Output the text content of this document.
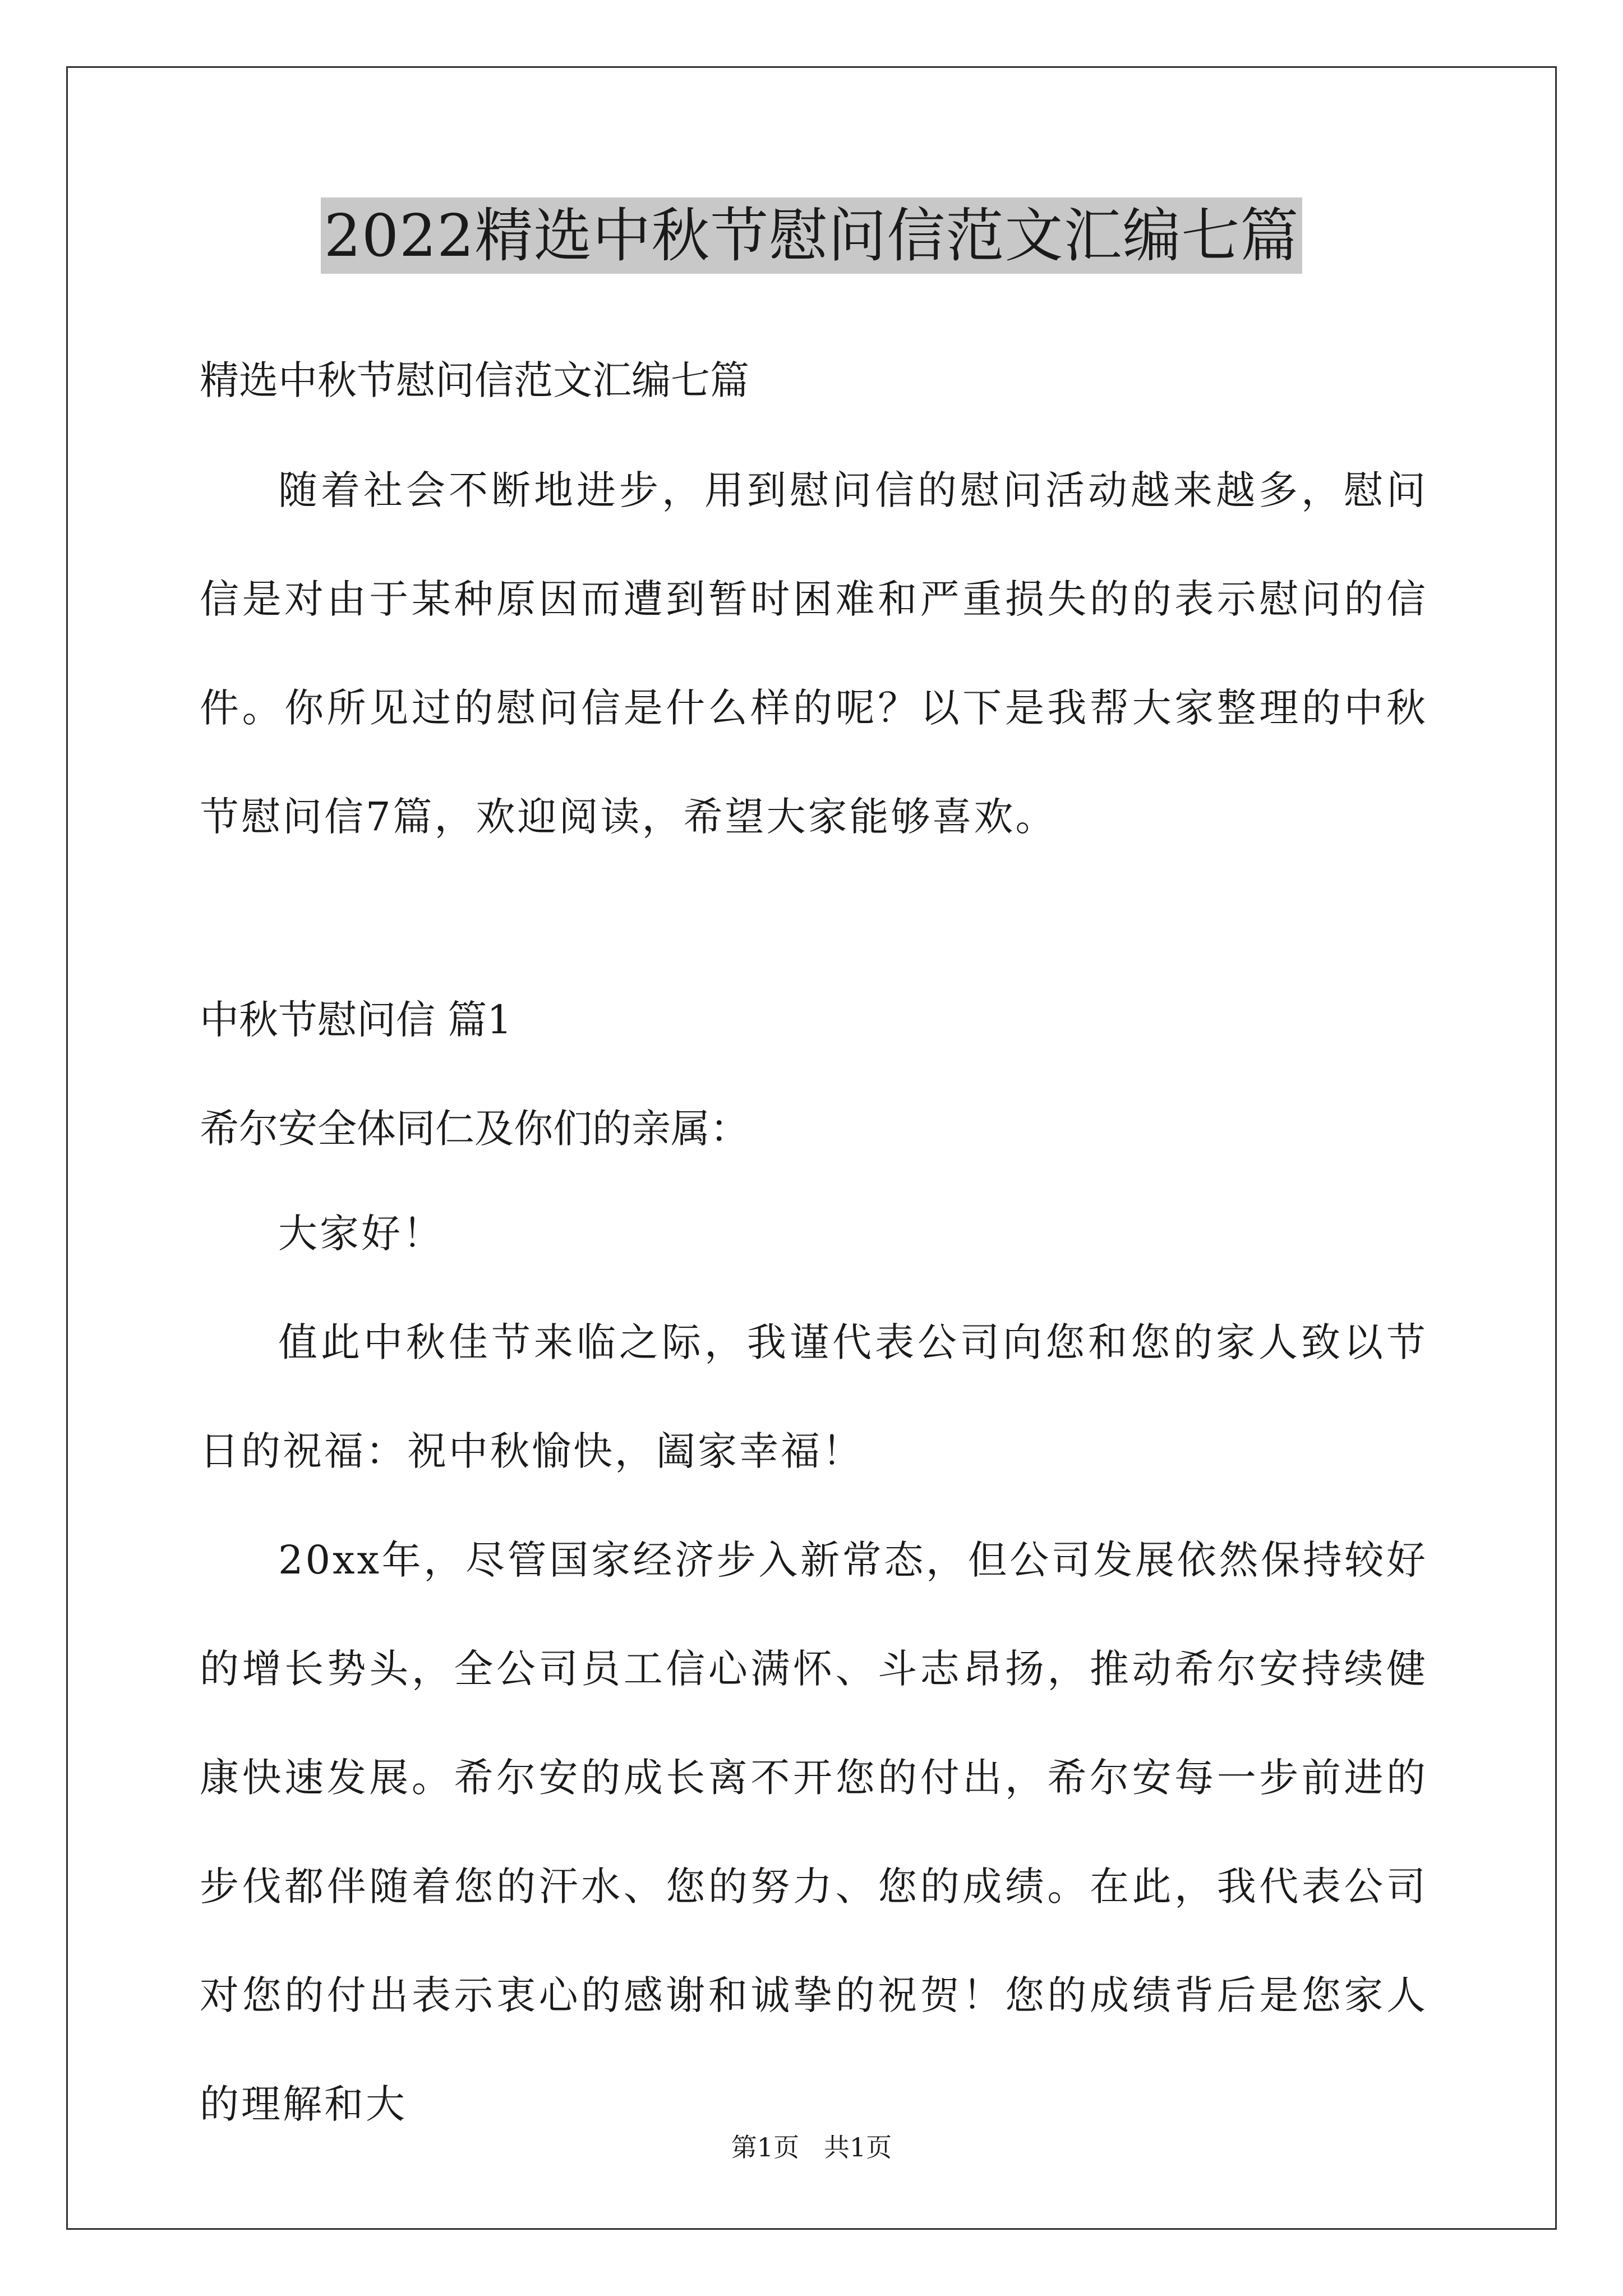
2022精选中秋节慰问信范文汇编七篇
精选中秋节慰问信范文汇编七篇
随着社会不断地进步，用到慰问信的慰问活动越来越多，慰问信是对由于某种原因而遭到暂时困难和严重损失的的表示慰问的信件。你所见过的慰问信是什么样的呢？以下是我帮大家整理的中秋节慰问信7篇，欢迎阅读，希望大家能够喜欢。
中秋节慰问信 篇1
希尔安全体同仁及你们的亲属：
大家好！
值此中秋佳节来临之际，我谨代表公司向您和您的家人致以节日的祝福：祝中秋愉快，阖家幸福！
20xx年，尽管国家经济步入新常态，但公司发展依然保持较好的增长势头，全公司员工信心满怀、斗志昂扬，推动希尔安持续健康快速发展。希尔安的成长离不开您的付出，希尔安每一步前进的步伐都伴随着您的汗水、您的努力、您的成绩。在此，我代表公司对您的付出表示衷心的感谢和诚挚的祝贺！您的成绩背后是您家人的理解和大
第1页   共1页
